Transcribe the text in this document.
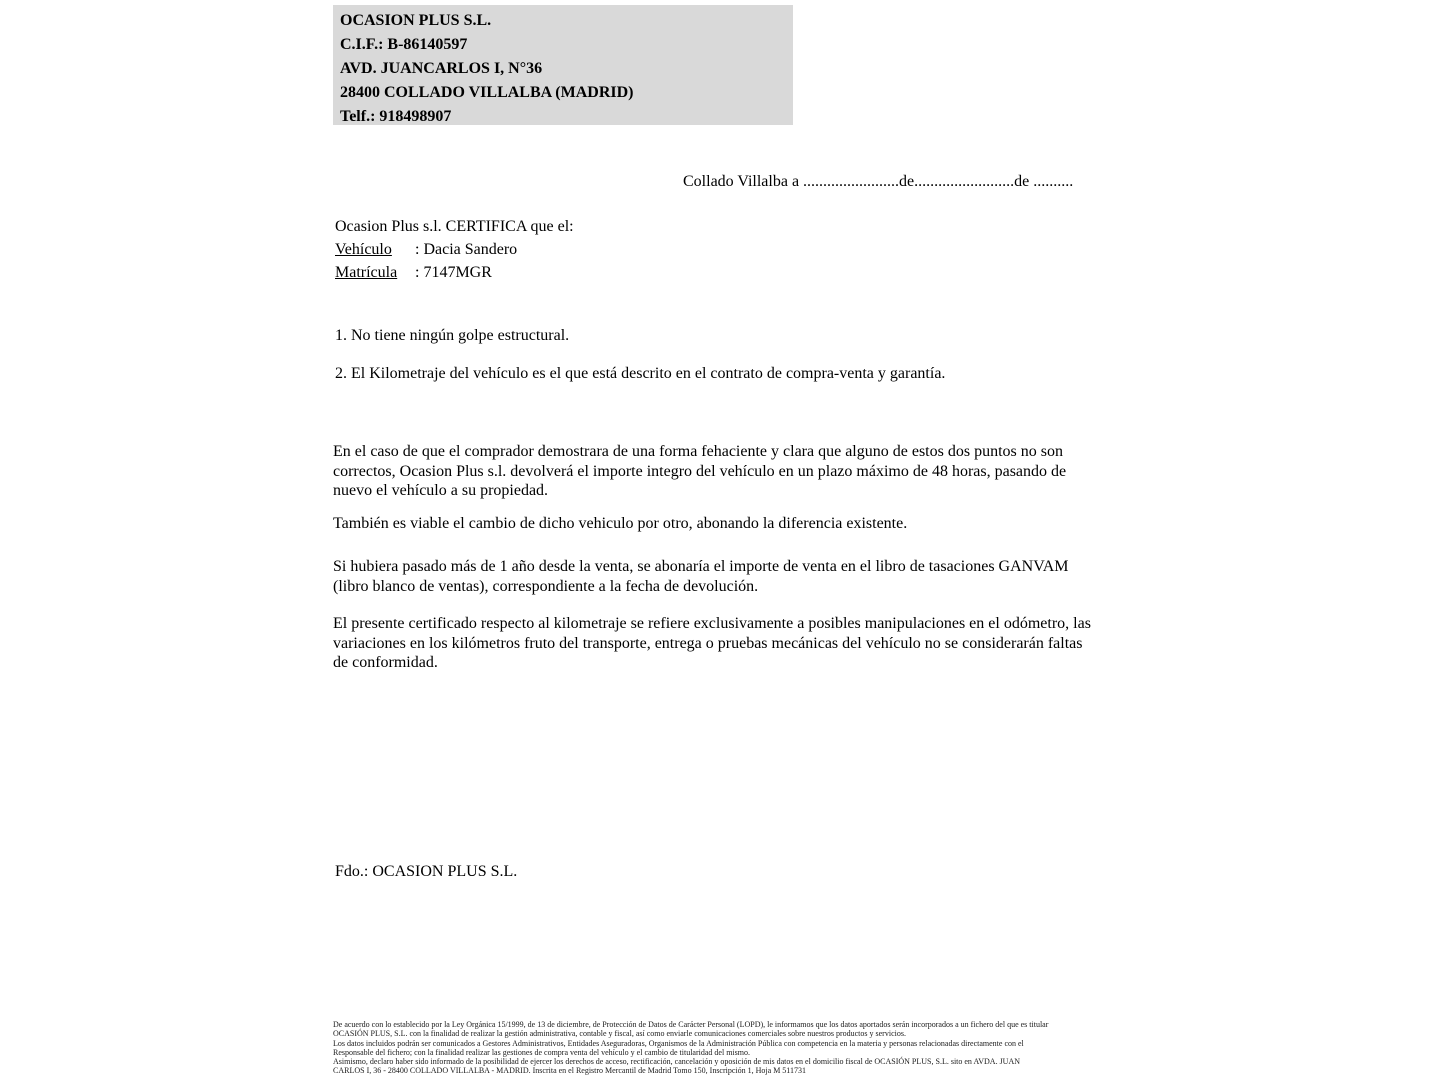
OCASION PLUS S.L.
C.I.F.: B-86140597
AVD. JUANCARLOS I, N°36
28400 COLLADO VILLALBA (MADRID)
Telf.: 918498907
Collado Villalba a ........................de.........................de ..........
Ocasion Plus s.l. CERTIFICA que el:
Vehículo : Dacia Sandero
Matrícula : 7147MGR
1. No tiene ningún golpe estructural.
2. El Kilometraje del vehículo es el que está descrito en el contrato de compra-venta y garantía.
En el caso de que el comprador demostrara de una forma fehaciente y clara que alguno de estos dos puntos no son correctos, Ocasion Plus s.l. devolverá el importe integro del vehículo en un plazo máximo de 48 horas, pasando de nuevo el vehículo a su propiedad.
También es viable el cambio de dicho vehiculo por otro, abonando la diferencia existente.
Si hubiera pasado más de 1 año desde la venta, se abonaría el importe de venta en el libro de tasaciones GANVAM (libro blanco de ventas), correspondiente a la fecha de devolución.
El presente certificado respecto al kilometraje se refiere exclusivamente a posibles manipulaciones en el odómetro, las variaciones en los kilómetros fruto del transporte, entrega o pruebas mecánicas del vehículo no se considerarán faltas de conformidad.
Fdo.: OCASION PLUS S.L.
De acuerdo con lo establecido por la Ley Orgánica 15/1999, de 13 de diciembre, de Protección de Datos de Carácter Personal (LOPD), le informamos que los datos aportados serán incorporados a un fichero del que es titular
OCASIÓN PLUS, S.L. con la finalidad de realizar la gestión administrativa, contable y fiscal, así como enviarle comunicaciones comerciales sobre nuestros productos y servicios.
Los datos incluidos podrán ser comunicados a Gestores Administrativos, Entidades Aseguradoras, Organismos de la Administración Pública con competencia en la materia y personas relacionadas directamente con el
Responsable del fichero; con la finalidad realizar las gestiones de compra venta del vehículo y el cambio de titularidad del mismo.
Asimismo, declaro haber sido informado de la posibilidad de ejercer los derechos de acceso, rectificación, cancelación y oposición de mis datos en el domicilio fiscal de OCASIÓN PLUS, S.L. sito en AVDA. JUAN
CARLOS I, 36 - 28400 COLLADO VILLALBA - MADRID. Inscrita en el Registro Mercantil de Madrid Tomo 150, Inscripción 1, Hoja M 511731
